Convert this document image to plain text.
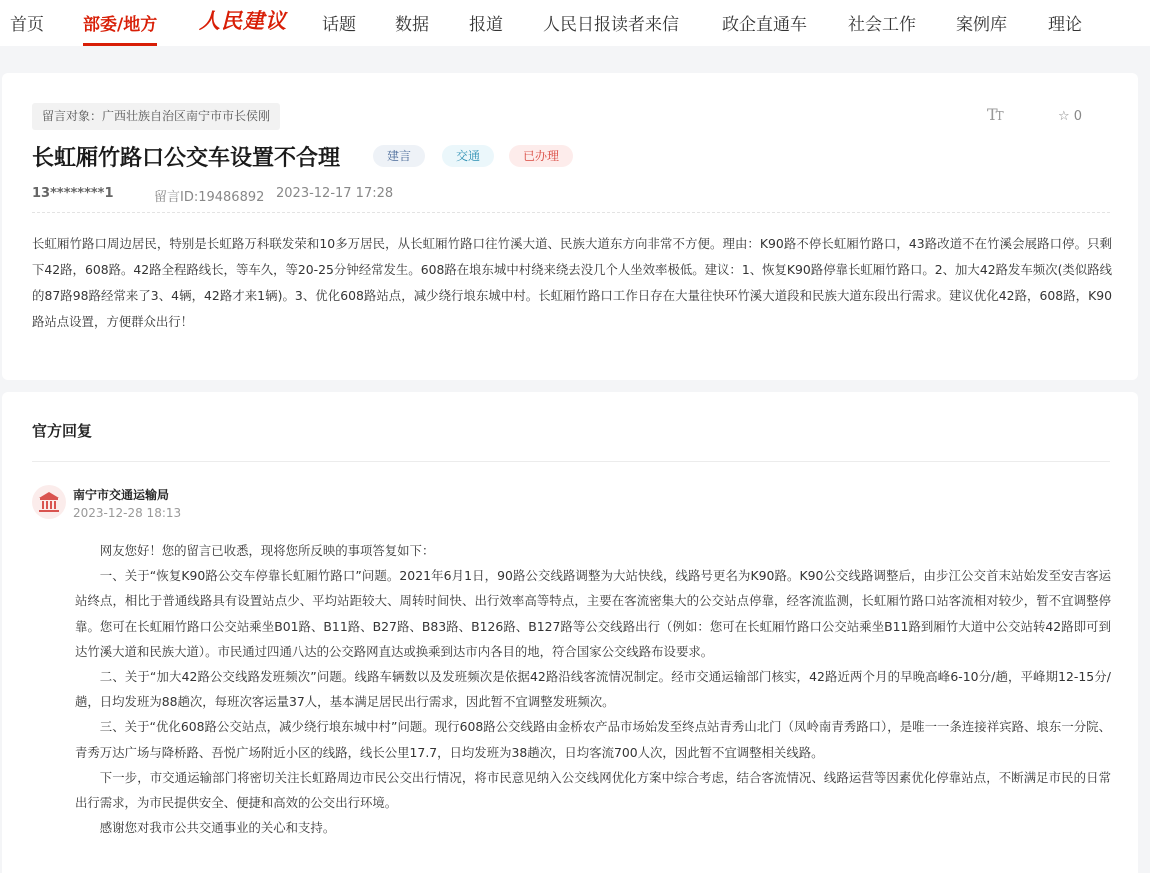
首页 部委/地方 人民建议 话题 数据 报道 人民日报读者来信	政企直通车 社会工作 案例库 理论
留言对象：广西壮族自治区南宁市市长侯刚	TT	☆ 0
长虹厢竹路口公交车设置不合理	建言	交通	已办理
13********1	留言ID:19486892 2023-12-17 17:28
长虹厢竹路口周边居民，特别是长虹路万科联发荣和10多万居民，从长虹厢竹路口往竹溪大道、民族大道东方向非常不方便。理由：K90路不停长虹厢竹路口，43路改道不在竹溪会展路口停。只剩下42路，608路。42路全程路线长，等车久，等20-25分钟经常发生。608路在埌东城中村绕来绕去没几个人坐效率极低。建议：1、恢复K90路停靠长虹厢竹路口。2、加大42路发车频次(类似路线的87路98路经常来了3、4辆，42路才来1辆)。3、优化608路站点，减少绕行埌东城中村。长虹厢竹路口工作日存在大量往快环竹溪大道段和民族大道东段出行需求。建议优化42路，608路，K90路站点设置，方便群众出行！
官方回复
南宁市交通运输局
2023-12-28 18:13

网友您好！您的留言已收悉，现将您所反映的事项答复如下：

一、关于“恢复K90路公交车停靠长虹厢竹路口”问题。2021年6月1日，90路公交线路调整为大站快线，线路号更名为K90路。K90公交线路调整后，由步江公交首末站始发至安吉客运站终点，相比于普通线路具有设置站点少、平均站距较大、周转时间快、出行效率高等特点，主要在客流密集大的公交站点停靠，经客流监测，长虹厢竹路口站客流相对较少，暂不宜调整停靠。您可在长虹厢竹路口公交站乘坐B01路、B11路、B27路、B83路、B126路、B127路等公交线路出行（例如：您可在长虹厢竹路口公交站乘坐B11路到厢竹大道中公交站转42路即可到达竹溪大道和民族大道）。市民通过四通八达的公交路网直达或换乘到达市内各目的地，符合国家公交线路布设要求。

二、关于“加大42路公交线路发班频次”问题。线路车辆数以及发班频次是依据42路沿线客流情况制定。经市交通运输部门核实，42路近两个月的早晚高峰6-10分/趟，平峰期12-15分/趟，日均发班为88趟次，每班次客运量37人，基本满足居民出行需求，因此暂不宜调整发班频次。

三、关于“优化608路公交站点，减少绕行埌东城中村”问题。现行608路公交线路由金桥农产品市场始发至终点站青秀山北门（凤岭南青秀路口），是唯一一条连接祥宾路、埌东一分院、青秀万达广场与降桥路、吾悦广场附近小区的线路，线长公里17.7，日均发班为38趟次，日均客流700人次，因此暂不宜调整相关线路。

下一步，市交通运输部门将密切关注长虹路周边市民公交出行情况，将市民意见纳入公交线网优化方案中综合考虑，结合客流情况、线路运营等因素优化停靠站点，不断满足市民的日常出行需求，为市民提供安全、便捷和高效的公交出行环境。

感谢您对我市公共交通事业的关心和支持。
